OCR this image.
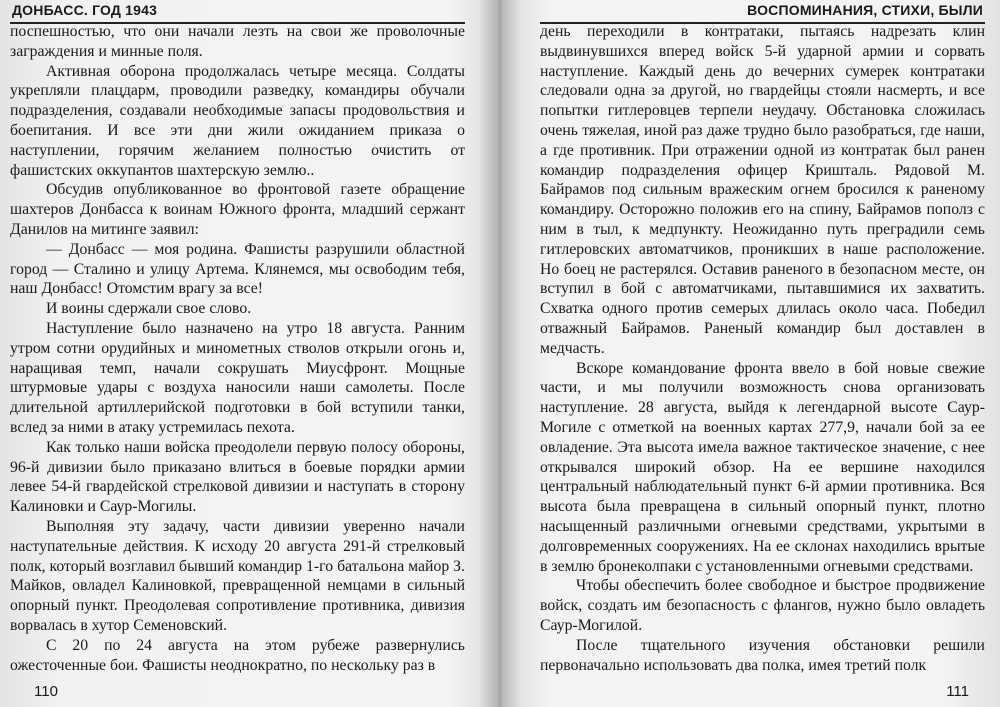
ДОНБАСС. ГОД 1943

поспешностью, что они начали лезть на свои же проволочные заграждения и минные поля.

Активная оборона продолжалась четыре месяца. Солдаты укрепляли плацдарм, проводили разведку, командиры обучали подразделения, создавали необходимые запасы продовольствия и боепитания. И все эти дни жили ожиданием приказа о наступлении, горячим желанием полностью очистить от фашистских оккупантов шахтерскую землю..

Обсудив опубликованное во фронтовой газете обращение шахтеров Донбасса к воинам Южного фронта, младший сержант Данилов на митинге заявил:

— Донбасс — моя родина. Фашисты разрушили областной город — Сталино и улицу Артема. Клянемся, мы освободим тебя, наш Донбасс! Отомстим врагу за все!

И воины сдержали свое слово.

Наступление было назначено на утро 18 августа. Ранним утром сотни орудийных и минометных стволов открыли огонь и, наращивая темп, начали сокрушать Миусфронт. Мощные штурмовые удары с воздуха наносили наши самолеты. После длительной артиллерийской подготовки в бой вступили танки, вслед за ними в атаку устремилась пехота.

Как только наши войска преодолели первую полосу обороны, 96-й дивизии было приказано влиться в боевые порядки армии левее 54-й гвардейской стрелковой дивизии и наступать в сторону Калиновки и Саур-Могилы.

Выполняя эту задачу, части дивизии уверенно начали наступательные действия. К исходу 20 августа 291-й стрелковый полк, который возглавил бывший командир 1-го батальона майор З. Майков, овладел Калиновкой, превращенной немцами в сильный опорный пункт. Преодолевая сопротивление противника, дивизия ворвалась в хутор Семеновский.

С 20 по 24 августа на этом рубеже развернулись ожесточенные бои. Фашисты неоднократно, по нескольку раз в

110
ВОСПОМИНАНИЯ, СТИХИ, БЫЛИ

день переходили в контратаки, пытаясь надрезать клин выдвинувшихся вперед войск 5-й ударной армии и сорвать наступление. Каждый день до вечерних сумерек контратаки следовали одна за другой, но гвардейцы стояли насмерть, и все попытки гитлеровцев терпели неудачу. Обстановка сложилась очень тяжелая, иной раз даже трудно было разобраться, где наши, а где противник. При отражении одной из контратак был ранен командир подразделения офицер Кришталь. Рядовой М. Байрамов под сильным вражеским огнем бросился к раненому командиру. Осторожно положив его на спину, Байрамов пополз с ним в тыл, к медпункту. Неожиданно путь преградили семь гитлеровских автоматчиков, проникших в наше расположение. Но боец не растерялся. Оставив раненого в безопасном месте, он вступил в бой с автоматчиками, пытавшимися их захватить. Схватка одного против семерых длилась около часа. Победил отважный Байрамов. Раненый командир был доставлен в медчасть.

Вскоре командование фронта ввело в бой новые свежие части, и мы получили возможность снова организовать наступление. 28 августа, выйдя к легендарной высоте Саур-Могиле с отметкой на военных картах 277,9, начали бой за ее овладение. Эта высота имела важное тактическое значение, с нее открывался широкий обзор. На ее вершине находился центральный наблюдательный пункт 6-й армии противника. Вся высота была превращена в сильный опорный пункт, плотно насыщенный различными огневыми средствами, укрытыми в долговременных сооружениях. На ее склонах находились врытые в землю бронеколпаки с установленными огневыми средствами.

Чтобы обеспечить более свободное и быстрое продвижение войск, создать им безопасность с флангов, нужно было овладеть Саур-Могилой.

После тщательного изучения обстановки решили первоначально использовать два полка, имея третий полк

111
